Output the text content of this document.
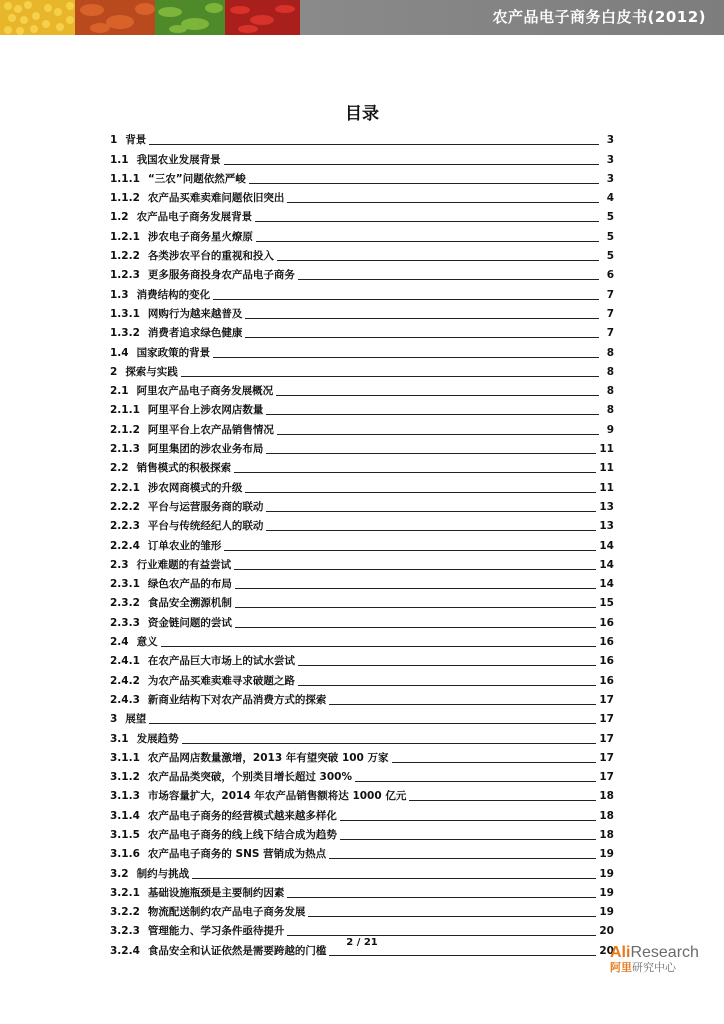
农产品电子商务白皮书(2012)
目录
1 背景	3
1.1 我国农业发展背景	3
1.1.1 “三农”问题依然严峻	3
1.1.2 农产品买难卖难问题依旧突出	4
1.2 农产品电子商务发展背景	5
1.2.1 涉农电子商务星火燎原	5
1.2.2 各类涉农平台的重视和投入	5
1.2.3 更多服务商投身农产品电子商务	6
1.3 消费结构的变化	7
1.3.1 网购行为越来越普及	7
1.3.2 消费者追求绿色健康	7
1.4 国家政策的背景	8
2 探索与实践	8
2.1 阿里农产品电子商务发展概况	8
2.1.1 阿里平台上涉农网店数量	8
2.1.2 阿里平台上农产品销售情况	9
2.1.3 阿里集团的涉农业务布局	11
2.2 销售模式的积极探索	11
2.2.1 涉农网商模式的升级	11
2.2.2 平台与运营服务商的联动	13
2.2.3 平台与传统经纪人的联动	13
2.2.4 订单农业的雏形	14
2.3 行业难题的有益尝试	14
2.3.1 绿色农产品的布局	14
2.3.2 食品安全溯源机制	15
2.3.3 资金链问题的尝试	16
2.4 意义	16
2.4.1 在农产品巨大市场上的试水尝试	16
2.4.2 为农产品买难卖难寻求破题之路	16
2.4.3 新商业结构下对农产品消费方式的探索	17
3 展望	17
3.1 发展趋势	17
3.1.1 农产品网店数量激增，2013 年有望突破 100 万家	17
3.1.2 农产品品类突破，个别类目增长超过 300%	17
3.1.3 市场容量扩大，2014 年农产品销售额将达 1000 亿元	18
3.1.4 农产品电子商务的经营模式越来越多样化	18
3.1.5 农产品电子商务的线上线下结合成为趋势	18
3.1.6 农产品电子商务的 SNS 营销成为热点	19
3.2 制约与挑战	19
3.2.1 基础设施瓶颈是主要制约因素	19
3.2.2 物流配送制约农产品电子商务发展	19
3.2.3 管理能力、学习条件亟待提升	20
3.2.4 食品安全和认证依然是需要跨越的门槛	20
2 / 21
AliResearch
阿里研究中心
